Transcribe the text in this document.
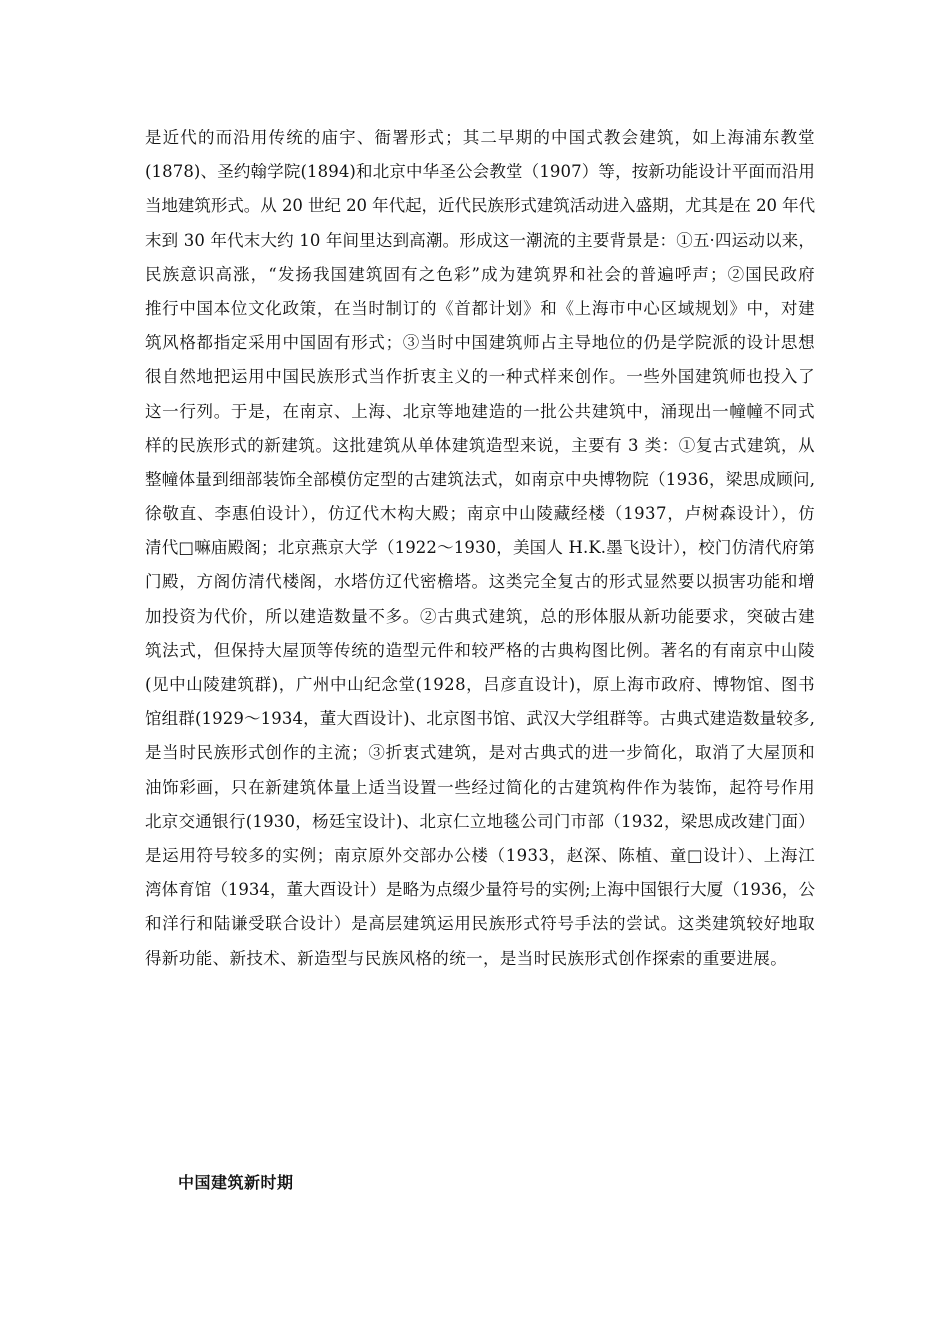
是近代的而沿用传统的庙宇、衙署形式；其二早期的中国式教会建筑，如上海浦东教堂
(1878)、圣约翰学院(1894)和北京中华圣公会教堂（1907）等，按新功能设计平面而沿用
当地建筑形式。从 20 世纪 20 年代起，近代民族形式建筑活动进入盛期，尤其是在 20 年代
末到 30 年代末大约 10 年间里达到高潮。形成这一潮流的主要背景是：①五·四运动以来，
民族意识高涨，“发扬我国建筑固有之色彩”成为建筑界和社会的普遍呼声；②国民政府
推行中国本位文化政策，在当时制订的《首都计划》和《上海市中心区域规划》中，对建
筑风格都指定采用中国固有形式；③当时中国建筑师占主导地位的仍是学院派的设计思想
很自然地把运用中国民族形式当作折衷主义的一种式样来创作。一些外国建筑师也投入了
这一行列。于是，在南京、上海、北京等地建造的一批公共建筑中，涌现出一幢幢不同式
样的民族形式的新建筑。这批建筑从单体建筑造型来说，主要有 3 类：①复古式建筑，从
整幢体量到细部装饰全部模仿定型的古建筑法式，如南京中央博物院（1936，梁思成顾问,
徐敬直、李惠伯设计），仿辽代木构大殿；南京中山陵藏经楼（1937，卢树森设计），仿
清代□嘛庙殿阁；北京燕京大学（1922～1930，美国人 H.K.墨飞设计），校门仿清代府第
门殿，方阁仿清代楼阁，水塔仿辽代密檐塔。这类完全复古的形式显然要以损害功能和增
加投资为代价，所以建造数量不多。②古典式建筑，总的形体服从新功能要求，突破古建
筑法式，但保持大屋顶等传统的造型元件和较严格的古典构图比例。著名的有南京中山陵
(见中山陵建筑群)，广州中山纪念堂(1928，吕彦直设计)，原上海市政府、博物馆、图书
馆组群(1929～1934，董大酉设计)、北京图书馆、武汉大学组群等。古典式建造数量较多,
是当时民族形式创作的主流；③折衷式建筑，是对古典式的进一步简化，取消了大屋顶和
油饰彩画，只在新建筑体量上适当设置一些经过简化的古建筑构件作为装饰，起符号作用
北京交通银行(1930，杨廷宝设计)、北京仁立地毯公司门市部（1932，梁思成改建门面）
是运用符号较多的实例；南京原外交部办公楼（1933，赵深、陈植、童□设计）、上海江
湾体育馆（1934，董大酉设计）是略为点缀少量符号的实例;上海中国银行大厦（1936，公
和洋行和陆谦受联合设计）是高层建筑运用民族形式符号手法的尝试。这类建筑较好地取
得新功能、新技术、新造型与民族风格的统一，是当时民族形式创作探索的重要进展。
中国建筑新时期
